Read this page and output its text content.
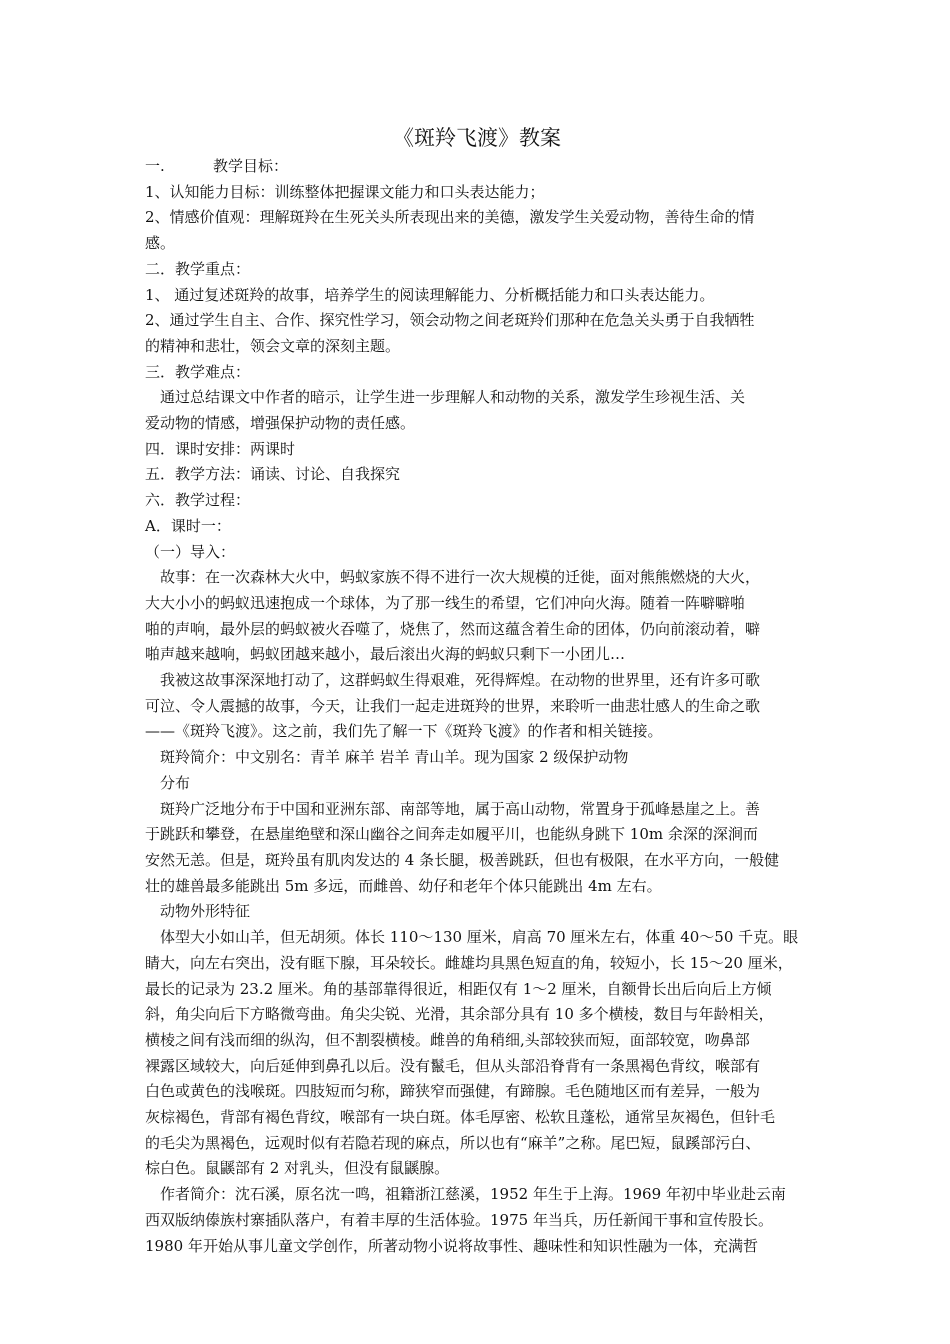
《斑羚飞渡》教案
一.	教学目标：
1、认知能力目标：训练整体把握课文能力和口头表达能力；
2、情感价值观：理解斑羚在生死关头所表现出来的美德，激发学生关爱动物，善待生命的情
感。
二．教学重点：
1、 通过复述斑羚的故事，培养学生的阅读理解能力、分析概括能力和口头表达能力。
2、通过学生自主、合作、探究性学习，领会动物之间老斑羚们那种在危急关头勇于自我牺牲
的精神和悲壮，领会文章的深刻主题。
三．教学难点：
通过总结课文中作者的暗示，让学生进一步理解人和动物的关系，激发学生珍视生活、关
爱动物的情感，增强保护动物的责任感。
四．课时安排：两课时
五．教学方法：诵读、讨论、自我探究
六．教学过程：
A．课时一：
（一）导入：
故事：在一次森林大火中，蚂蚁家族不得不进行一次大规模的迁徙，面对熊熊燃烧的大火，
大大小小的蚂蚁迅速抱成一个球体，为了那一线生的希望，它们冲向火海。随着一阵噼噼啪
啪的声响，最外层的蚂蚁被火吞噬了，烧焦了，然而这蕴含着生命的团体，仍向前滚动着，噼
啪声越来越响，蚂蚁团越来越小，最后滚出火海的蚂蚁只剩下一小团儿…
我被这故事深深地打动了，这群蚂蚁生得艰难，死得辉煌。在动物的世界里，还有许多可歌
可泣、令人震撼的故事，今天，让我们一起走进斑羚的世界，来聆听一曲悲壮感人的生命之歌
——《斑羚飞渡》。这之前，我们先了解一下《斑羚飞渡》的作者和相关链接。
斑羚简介：中文别名：青羊 麻羊 岩羊 青山羊。现为国家 2 级保护动物
分布
斑羚广泛地分布于中国和亚洲东部、南部等地，属于高山动物，常置身于孤峰悬崖之上。善
于跳跃和攀登，在悬崖绝壁和深山幽谷之间奔走如履平川，也能纵身跳下 10m 余深的深涧而
安然无恙。但是，斑羚虽有肌肉发达的 4 条长腿，极善跳跃，但也有极限，在水平方向，一般健
壮的雄兽最多能跳出 5m 多远，而雌兽、幼仔和老年个体只能跳出 4m 左右。
动物外形特征
体型大小如山羊，但无胡须。体长 110～130 厘米，肩高 70 厘米左右，体重 40～50 千克。眼
睛大，向左右突出，没有眶下腺，耳朵较长。雌雄均具黑色短直的角，较短小，长 15～20 厘米，
最长的记录为 23.2 厘米。角的基部靠得很近，相距仅有 1～2 厘米，自额骨长出后向后上方倾
斜，角尖向后下方略微弯曲。角尖尖锐、光滑，其余部分具有 10 多个横棱，数目与年龄相关，
横棱之间有浅而细的纵沟，但不割裂横棱。雌兽的角稍细,头部较狭而短，面部较宽，吻鼻部
裸露区域较大，向后延伸到鼻孔以后。没有鬣毛，但从头部沿脊背有一条黑褐色背纹，喉部有
白色或黄色的浅喉斑。四肢短而匀称，蹄狭窄而强健，有蹄腺。毛色随地区而有差异，一般为
灰棕褐色，背部有褐色背纹，喉部有一块白斑。体毛厚密、松软且蓬松，通常呈灰褐色，但针毛
的毛尖为黑褐色，远观时似有若隐若现的麻点，所以也有“麻羊”之称。尾巴短，鼠蹊部污白、
棕白色。鼠鼷部有 2 对乳头，但没有鼠鼷腺。
作者简介：沈石溪，原名沈一鸣，祖籍浙江慈溪，1952 年生于上海。1969 年初中毕业赴云南
西双版纳傣族村寨插队落户，有着丰厚的生活体验。1975 年当兵，历任新闻干事和宣传股长。
1980 年开始从事儿童文学创作，所著动物小说将故事性、趣味性和知识性融为一体，充满哲
